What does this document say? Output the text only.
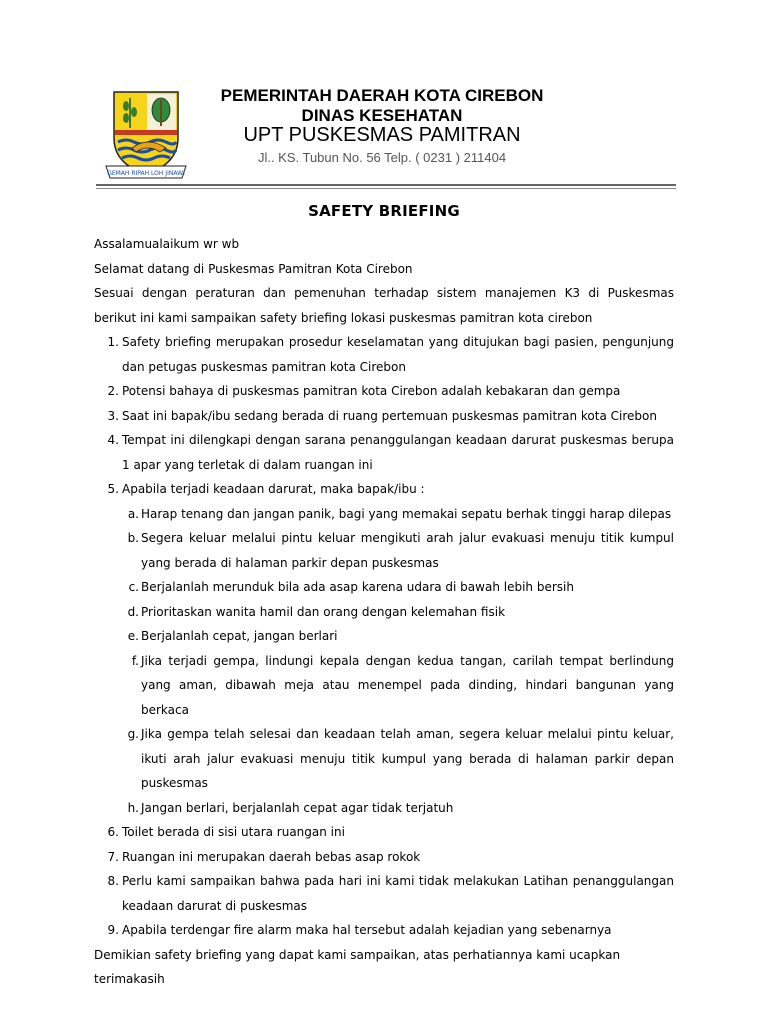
GEMAH RIPAH LOH JINAWI
PEMERINTAH DAERAH KOTA CIREBON
DINAS KESEHATAN
UPT PUSKESMAS PAMITRAN
Jl.. KS. Tubun No. 56 Telp. ( 0231 ) 211404
SAFETY BRIEFING

Assalamualaikum wr wb

Selamat datang di Puskesmas Pamitran Kota Cirebon

Sesuai dengan peraturan dan pemenuhan terhadap sistem manajemen K3 di Puskesmas berikut ini kami sampaikan safety briefing lokasi puskesmas pamitran kota cirebon

1. Safety briefing merupakan prosedur keselamatan yang ditujukan bagi pasien, pengunjung dan petugas puskesmas pamitran kota Cirebon
2. Potensi bahaya di puskesmas pamitran kota Cirebon adalah kebakaran dan gempa
3. Saat ini bapak/ibu sedang berada di ruang pertemuan puskesmas pamitran kota Cirebon
4. Tempat ini dilengkapi dengan sarana penanggulangan keadaan darurat puskesmas berupa 1 apar yang terletak di dalam ruangan ini
5. Apabila terjadi keadaan darurat, maka bapak/ibu :
a. Harap tenang dan jangan panik, bagi yang memakai sepatu berhak tinggi harap dilepas
b. Segera keluar melalui pintu keluar mengikuti arah jalur evakuasi menuju titik kumpul yang berada di halaman parkir depan puskesmas
c. Berjalanlah merunduk bila ada asap karena udara di bawah lebih bersih
d. Prioritaskan wanita hamil dan orang dengan kelemahan fisik
e. Berjalanlah cepat, jangan berlari
f. Jika terjadi gempa, lindungi kepala dengan kedua tangan, carilah tempat berlindung yang aman, dibawah meja atau menempel pada dinding, hindari bangunan yang berkaca
g. Jika gempa telah selesai dan keadaan telah aman, segera keluar melalui pintu keluar, ikuti arah jalur evakuasi menuju titik kumpul yang berada di halaman parkir depan puskesmas
h. Jangan berlari, berjalanlah cepat agar tidak terjatuh
6. Toilet berada di sisi utara ruangan ini
7. Ruangan ini merupakan daerah bebas asap rokok
8. Perlu kami sampaikan bahwa pada hari ini kami tidak melakukan Latihan penanggulangan keadaan darurat di puskesmas
9. Apabila terdengar fire alarm maka hal tersebut adalah kejadian yang sebenarnya

Demikian safety briefing yang dapat kami sampaikan, atas perhatiannya kami ucapkan terimakasih
